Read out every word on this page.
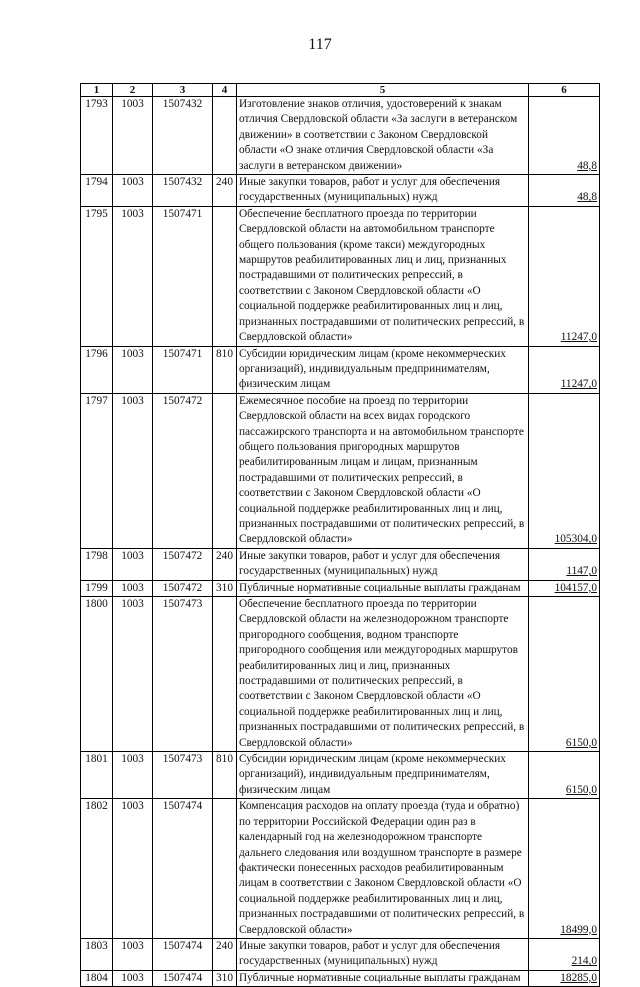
117
1	2	3	4	5	6
1793	1003	1507432		Изготовление знаков отличия, удостоверений к знакам отличия Свердловской области «За заслуги в ветеранском движении» в соответствии с Законом Свердловской области «О знаке отличия Свердловской области «За заслуги в ветеранском движении»	48,8
1794	1003	1507432	240	Иные закупки товаров, работ и услуг для обеспечения государственных (муниципальных) нужд	48,8
1795	1003	1507471		Обеспечение бесплатного проезда по территории Свердловской области на автомобильном транспорте общего пользования (кроме такси) междугородных маршрутов реабилитированных лиц и лиц, признанных пострадавшими от политических репрессий, в соответствии с Законом Свердловской области «О социальной поддержке реабилитированных лиц и лиц, признанных пострадавшими от политических репрессий, в Свердловской области»	11247,0
1796	1003	1507471	810	Субсидии юридическим лицам (кроме некоммерческих организаций), индивидуальным предпринимателям, физическим лицам	11247,0
1797	1003	1507472		Ежемесячное пособие на проезд по территории Свердловской области на всех видах городского пассажирского транспорта и на автомобильном транспорте общего пользования пригородных маршрутов реабилитированным лицам и лицам, признанным пострадавшими от политических репрессий, в соответствии с Законом Свердловской области «О социальной поддержке реабилитированных лиц и лиц, признанных пострадавшими от политических репрессий, в Свердловской области»	105304,0
1798	1003	1507472	240	Иные закупки товаров, работ и услуг для обеспечения государственных (муниципальных) нужд	1147,0
1799	1003	1507472	310	Публичные нормативные социальные выплаты гражданам	104157,0
1800	1003	1507473		Обеспечение бесплатного проезда по территории Свердловской области на железнодорожном транспорте пригородного сообщения, водном транспорте пригородного сообщения или междугородных маршрутов реабилитированных лиц и лиц, признанных пострадавшими от политических репрессий, в соответствии с Законом Свердловской области «О социальной поддержке реабилитированных лиц и лиц, признанных пострадавшими от политических репрессий, в Свердловской области»	6150,0
1801	1003	1507473	810	Субсидии юридическим лицам (кроме некоммерческих организаций), индивидуальным предпринимателям, физическим лицам	6150,0
1802	1003	1507474		Компенсация расходов на оплату проезда (туда и обратно) по территории Российской Федерации один раз в календарный год на железнодорожном транспорте дальнего следования или воздушном транспорте в размере фактически понесенных расходов реабилитированным лицам в соответствии с Законом Свердловской области «О социальной поддержке реабилитированных лиц и лиц, признанных пострадавшими от политических репрессий, в Свердловской области»	18499,0
1803	1003	1507474	240	Иные закупки товаров, работ и услуг для обеспечения государственных (муниципальных) нужд	214,0
1804	1003	1507474	310	Публичные нормативные социальные выплаты гражданам	18285,0
